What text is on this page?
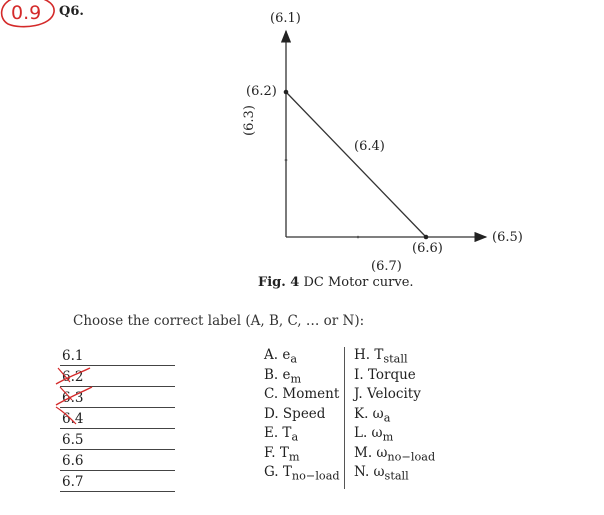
0.9 Q6.	(6.1)
(6.2)
(6.3)
(6.4)
(6.5)
(6.6)
(6.7)
Fig. 4 DC Motor curve.
Choose the correct label (A, B, C, … or N):
6.1
6.2
6.3
6.4
6.5
6.6
6.7
A. $e_a$
B. $e_m$
C. Moment
D. Speed
E. $T_a$
F. $T_m$
G. $T_{no-load}$
H. $T_{stall}$
I. Torque
J. Velocity
K. $\omega_a$
L. $\omega_m$
M. $\omega_{no-load}$
N. $\omega_{stall}$
